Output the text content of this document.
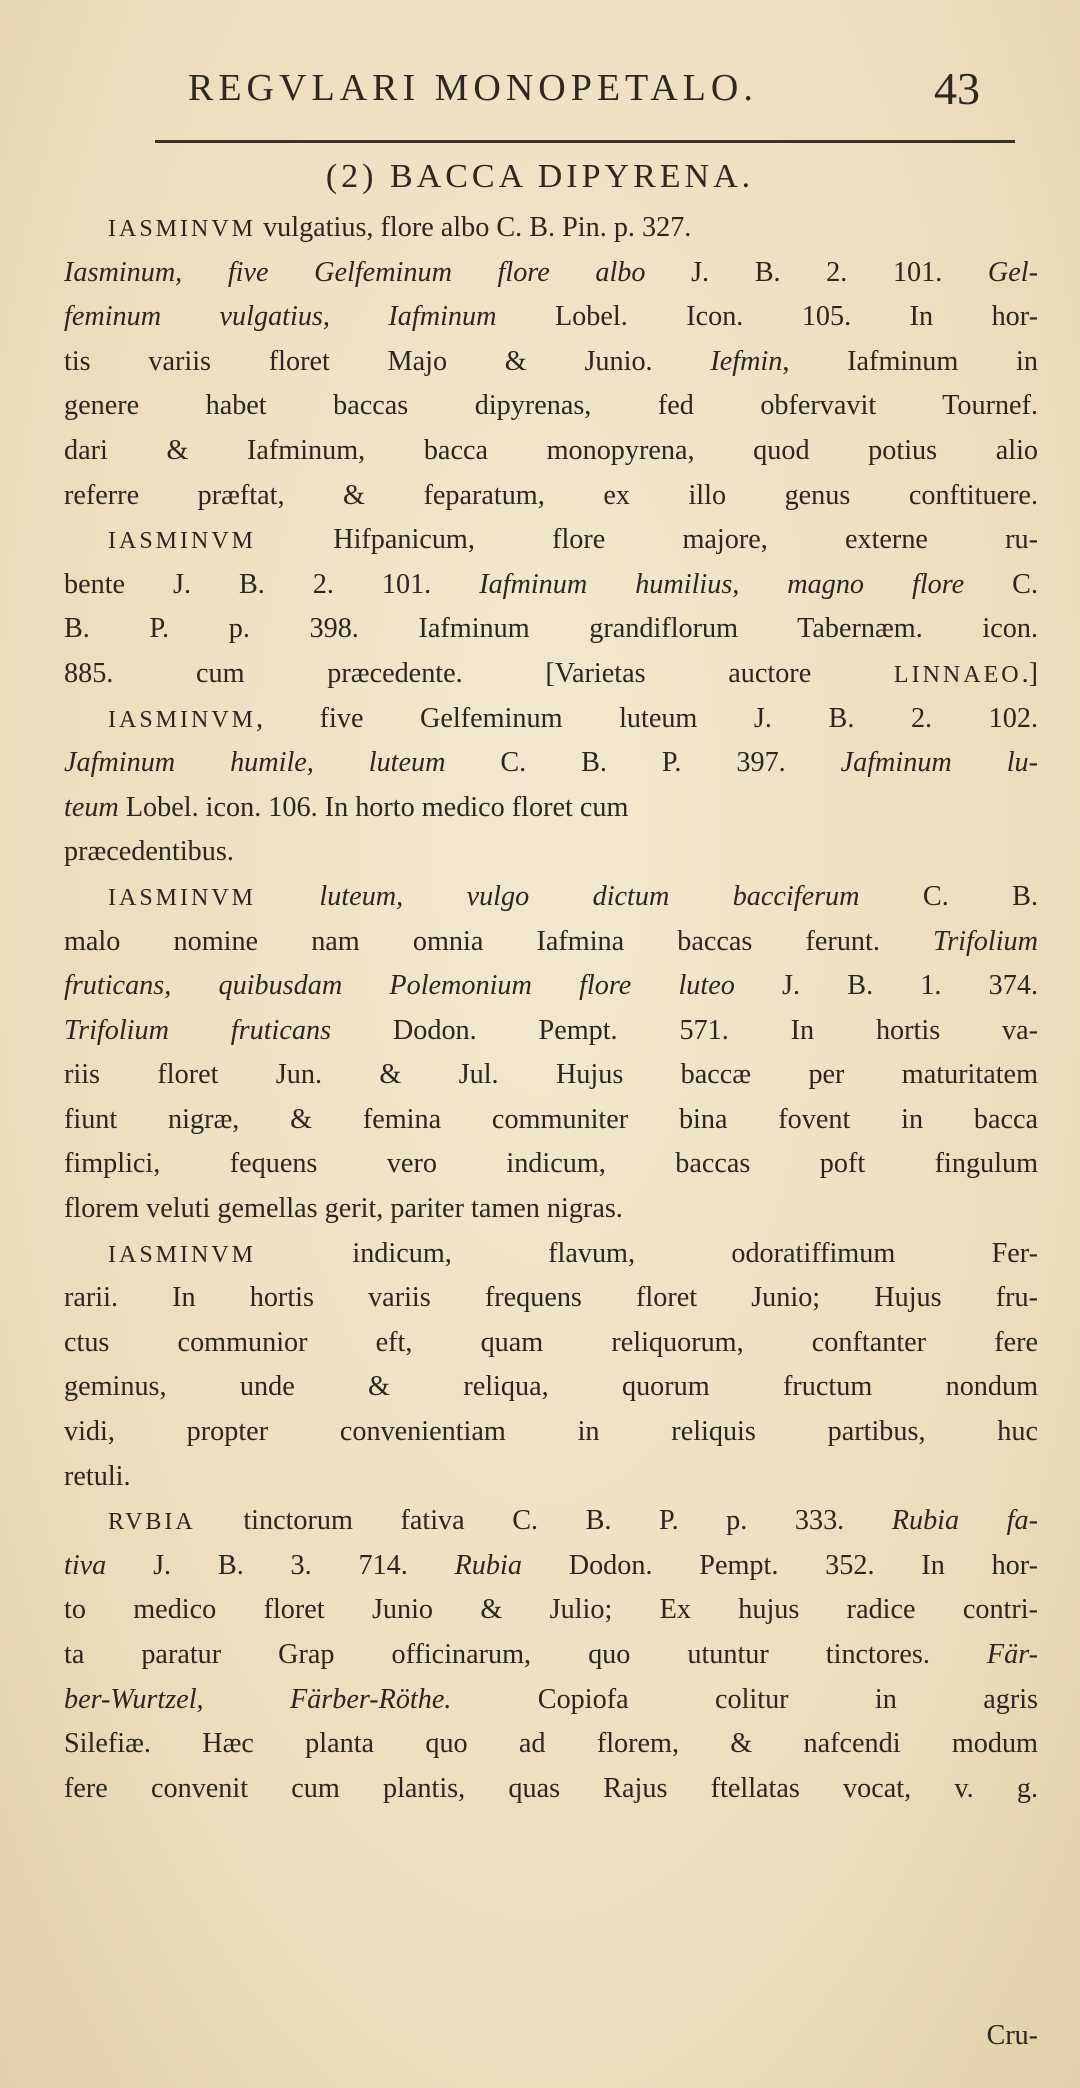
REGVLARI MONOPETALO.	43
(2) BACCA DIPYRENA.
IASMINVM vulgatius, flore albo C. B. Pin. p. 327.
Iasminum, five Gelfeminum flore albo J. B. 2. 101. Gel-
feminum vulgatius, Iafminum Lobel. Icon. 105. In hor-
tis variis floret Majo & Junio. Iefmin, Iafminum in
genere habet baccas dipyrenas, fed obfervavit Tournef.
dari & Iafminum, bacca monopyrena, quod potius alio
referre præftat, & feparatum, ex illo genus conftituere.
IASMINVM Hifpanicum, flore majore, externe ru-
bente J. B. 2. 101. Iafminum humilius, magno flore C.
B. P. p. 398. Iafminum grandiflorum Tabernæm. icon.
885. cum præcedente. [Varietas auctore LINNAEO.]
IASMINVM, five Gelfeminum luteum J. B. 2. 102.
Jafminum humile, luteum C. B. P. 397. Jafminum lu-
teum Lobel. icon. 106. In horto medico floret cum
præcedentibus.
IASMINVM luteum, vulgo dictum bacciferum C. B.
malo nomine nam omnia Iafmina baccas ferunt. Trifolium
fruticans, quibusdam Polemonium flore luteo J. B. 1. 374.
Trifolium fruticans Dodon. Pempt. 571. In hortis va-
riis floret Jun. & Jul. Hujus baccæ per maturitatem
fiunt nigræ, & femina communiter bina fovent in bacca
fimplici, fequens vero indicum, baccas poft fingulum
florem veluti gemellas gerit, pariter tamen nigras.
IASMINVM indicum, flavum, odoratiffimum Fer-
rarii. In hortis variis frequens floret Junio; Hujus fru-
ctus communior eft, quam reliquorum, conftanter fere
geminus, unde & reliqua, quorum fructum nondum
vidi, propter convenientiam in reliquis partibus, huc
retuli.
RVBIA tinctorum fativa C. B. P. p. 333. Rubia fa-
tiva J. B. 3. 714. Rubia Dodon. Pempt. 352. In hor-
to medico floret Junio & Julio; Ex hujus radice contri-
ta paratur Grap officinarum, quo utuntur tinctores. Fär-
ber-Wurtzel, Färber-Röthe. Copiofa colitur in agris
Silefiæ. Hæc planta quo ad florem, & nafcendi modum
fere convenit cum plantis, quas Rajus ftellatas vocat, v. g.
Cru-
